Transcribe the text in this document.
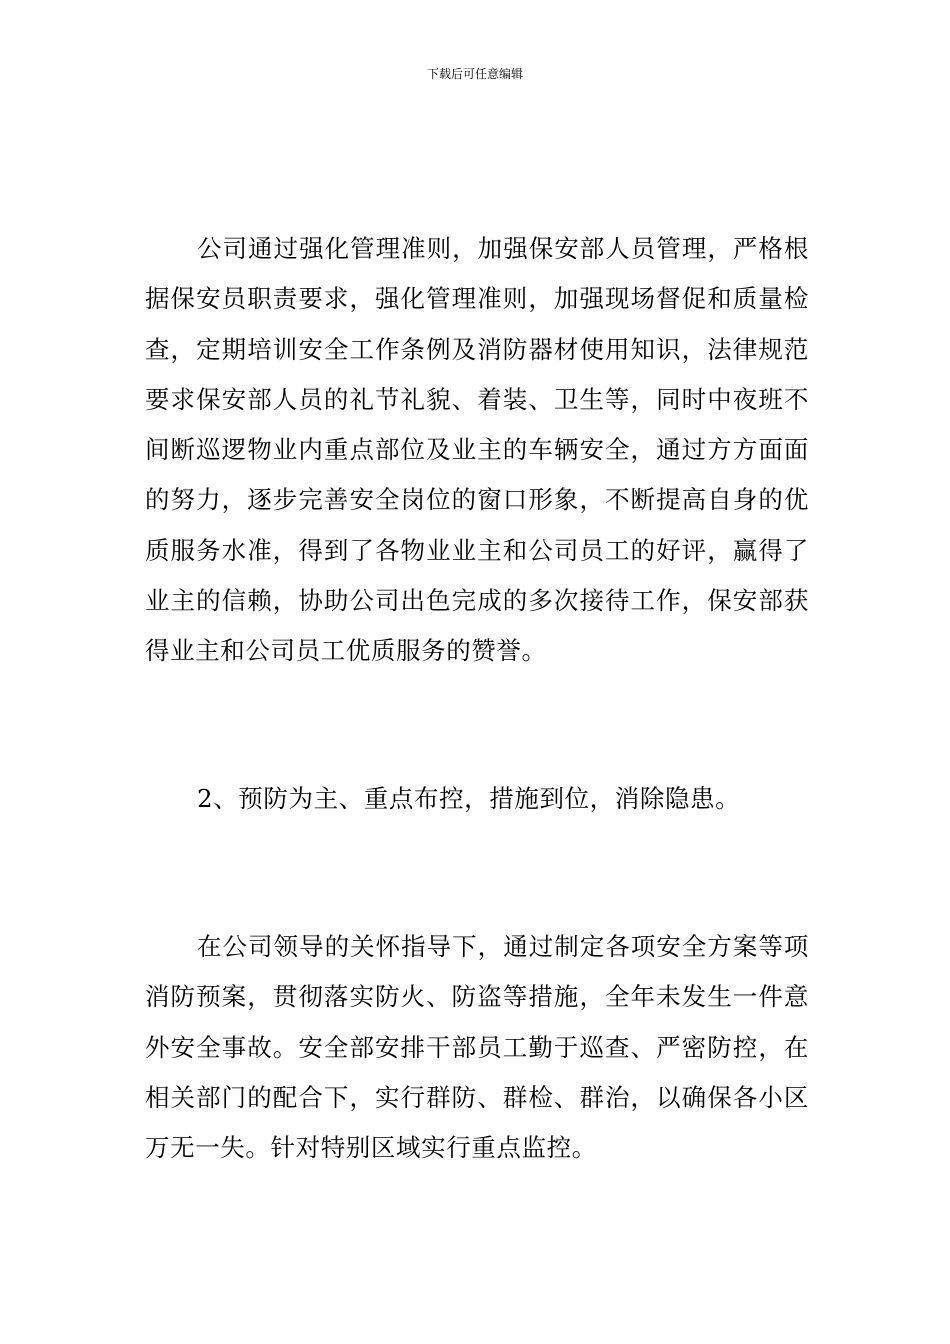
下载后可任意编辑

公司通过强化管理准则，加强保安部人员管理，严格根据保安员职责要求，强化管理准则，加强现场督促和质量检查，定期培训安全工作条例及消防器材使用知识，法律规范要求保安部人员的礼节礼貌、着装、卫生等，同时中夜班不间断巡逻物业内重点部位及业主的车辆安全，通过方方面面的努力，逐步完善安全岗位的窗口形象，不断提高自身的优质服务水准，得到了各物业业主和公司员工的好评，赢得了业主的信赖，协助公司出色完成的多次接待工作，保安部获得业主和公司员工优质服务的赞誉。

2、预防为主、重点布控，措施到位，消除隐患。

在公司领导的关怀指导下，通过制定各项安全方案等项消防预案，贯彻落实防火、防盗等措施，全年未发生一件意外安全事故。安全部安排干部员工勤于巡查、严密防控，在相关部门的配合下，实行群防、群检、群治，以确保各小区万无一失。针对特别区域实行重点监控。
